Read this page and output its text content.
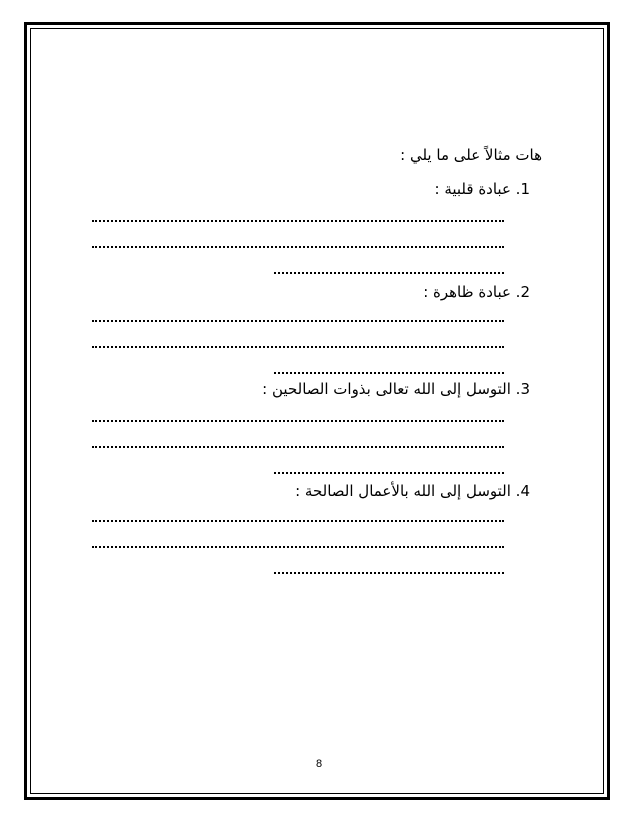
هات مثالاً على ما يلي :
1. عبادة قلبية :
2. عبادة ظاهرة :
3. التوسل إلى الله تعالى بذوات الصالحين :
4. التوسل إلى الله بالأعمال الصالحة :
8
